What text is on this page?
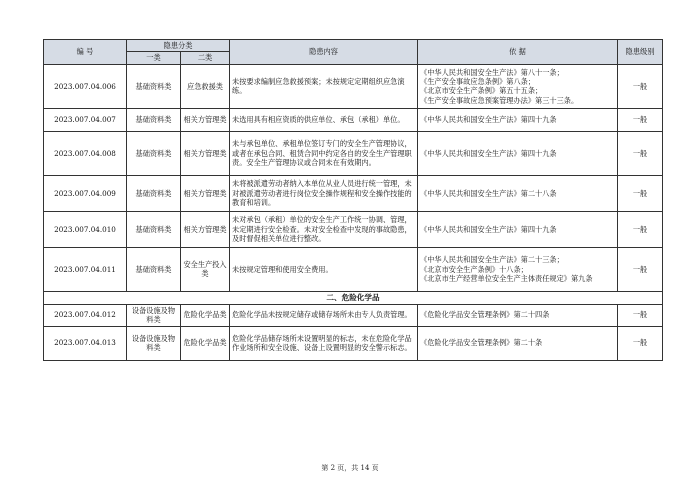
编 号	隐患分类		隐患内容	依 据	隐患级别
	一类	二类			
2023.007.04.006	基础资料类	应急救援类	未按要求编制应急救援预案；未按规定定期组织应急演练。	《中华人民共和国安全生产法》第八十一条；
《生产安全事故应急条例》第八条；
《北京市安全生产条例》第五十五条；
《生产安全事故应急预案管理办法》第三十三条。	一般
2023.007.04.007	基础资料类	相关方管理类	未选用具有相应资质的供应单位、承包（承租）单位。	《中华人民共和国安全生产法》第四十九条	一般
2023.007.04.008	基础资料类	相关方管理类	未与承包单位、承租单位签订专门的安全生产管理协议，或者在承包合同、租赁合同中约定各自的安全生产管理职责。安全生产管理协议或合同未在有效期内。	《中华人民共和国安全生产法》第四十九条	一般
2023.007.04.009	基础资料类	相关方管理类	未将被派遣劳动者纳入本单位从业人员进行统一管理，未对被派遣劳动者进行岗位安全操作规程和安全操作技能的教育和培训。	《中华人民共和国安全生产法》第二十八条	一般
2023.007.04.010	基础资料类	相关方管理类	未对承包（承租）单位的安全生产工作统一协调、管理，未定期进行安全检查。未对安全检查中发现的事故隐患，及时督促相关单位进行整改。	《中华人民共和国安全生产法》第四十九条	一般
2023.007.04.011	基础资料类	安全生产投入类	未按规定管理和使用安全费用。	《中华人民共和国安全生产法》第二十三条；
《北京市安全生产条例》十八条；
《北京市生产经营单位安全生产主体责任规定》第九条	一般
二、危险化学品					
2023.007.04.012	设备设施及物料类	危险化学品类	危险化学品未按规定储存或储存场所未由专人负责管理。	《危险化学品安全管理条例》第二十四条	一般
2023.007.04.013	设备设施及物料类	危险化学品类	危险化学品储存场所未设置明显的标志，未在危险化学品作业场所和安全设施、设备上设置明显的安全警示标志。	《危险化学品安全管理条例》第二十条	一般
第 2 页，共 14 页
